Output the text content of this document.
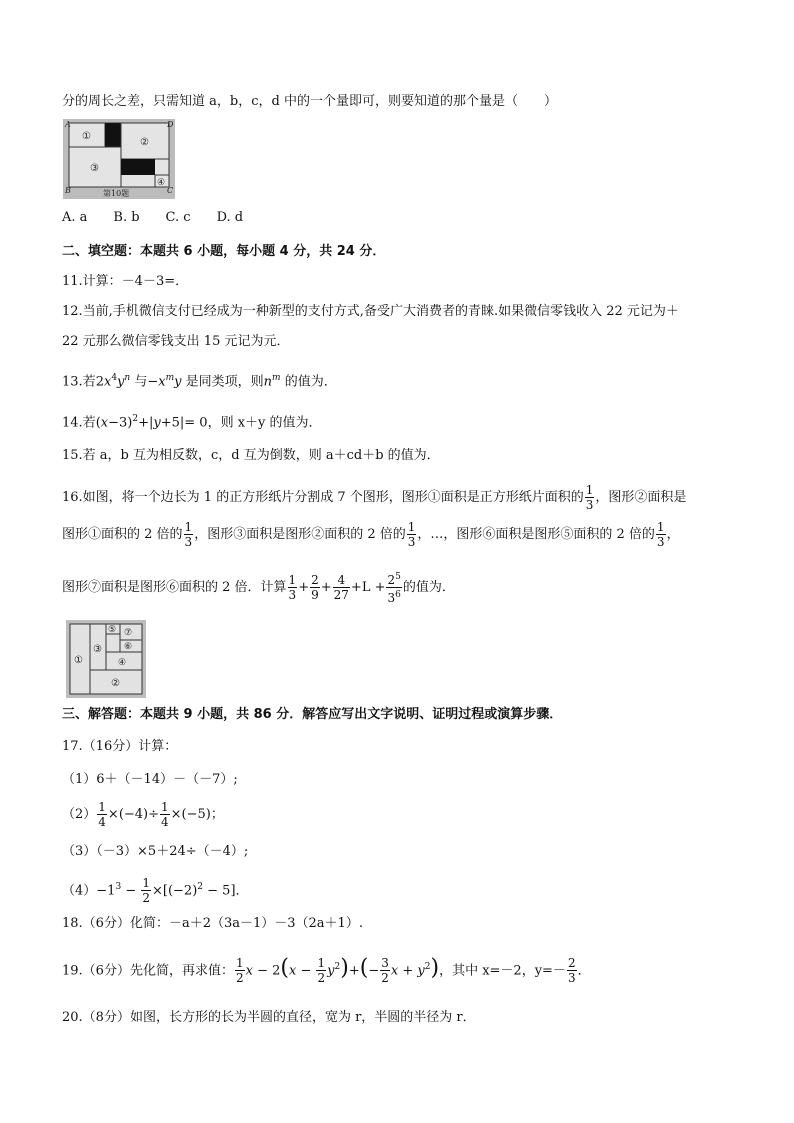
分的周长之差，只需知道 a，b，c，d 中的一个量即可，则要知道的那个量是（　　）
A	D
B	C
①
②
③
④
第10题
A. a　　B. b　　C. c　　D. d
二、填空题：本题共 6 小题，每小题 4 分，共 24 分．
11.计算：－4－3=．
12.当前,手机微信支付已经成为一种新型的支付方式,备受广大消费者的青睐.如果微信零钱收入 22 元记为＋
22 元那么微信零钱支出 15 元记为元．
13.若$2x^4y^n$ 与$-x^my$ 是同类项，则$n^m$ 的值为．
14.若$(x-3)^2+|y+5|= 0$，则 x＋y 的值为．
15.若 a，b 互为相反数，c，d 互为倒数，则 a＋cd＋b 的值为．
16.如图，将一个边长为 1 的正方形纸片分割成 7 个图形，图形①面积是正方形纸片面积的 $\frac{1}{3}$ ，图形②面积是
图形①面积的 2 倍的 $\frac{1}{3}$ ，图形③面积是图形②面积的 2 倍的 $\frac{1}{3}$ ，…，图形⑥面积是图形⑤面积的 2 倍的 $\frac{1}{3}$ ，
图形⑦面积是图形⑥面积的 2 倍．计算 $\frac{1}{3} + \frac{2}{9} + \frac{4}{27} +L + \frac{2^5}{3^6}$ 的值为．
①
③
⑤ ⑦
⑥
④
②
三、解答题：本题共 9 小题，共 86 分．解答应写出文字说明、证明过程或演算步骤．
17.（16分）计算：
（1）6＋（－14）－（－7）;
$(2) \frac{1}{4} \times(-4)\div \frac{1}{4} \times(-5)$；
（3）（－3）×5＋24÷（－4）;
$(4)-1^3 - \frac{1}{2} \times[(-2)^2 - 5]$．
18.（6分）化简：－a＋2（3a－1）－3（2a＋1）.
19.（6分）先化简，再求值： $\frac{1}{2}$ $x - 2(x - \frac{1}{2} y^2)+(- \frac{3}{2}$ $x + y^2$)，其中 x=－2，$y=- \frac{2}{3}$ ．
20.（8分）如图，长方形的长为半圆的直径，宽为 r，半圆的半径为 r．
